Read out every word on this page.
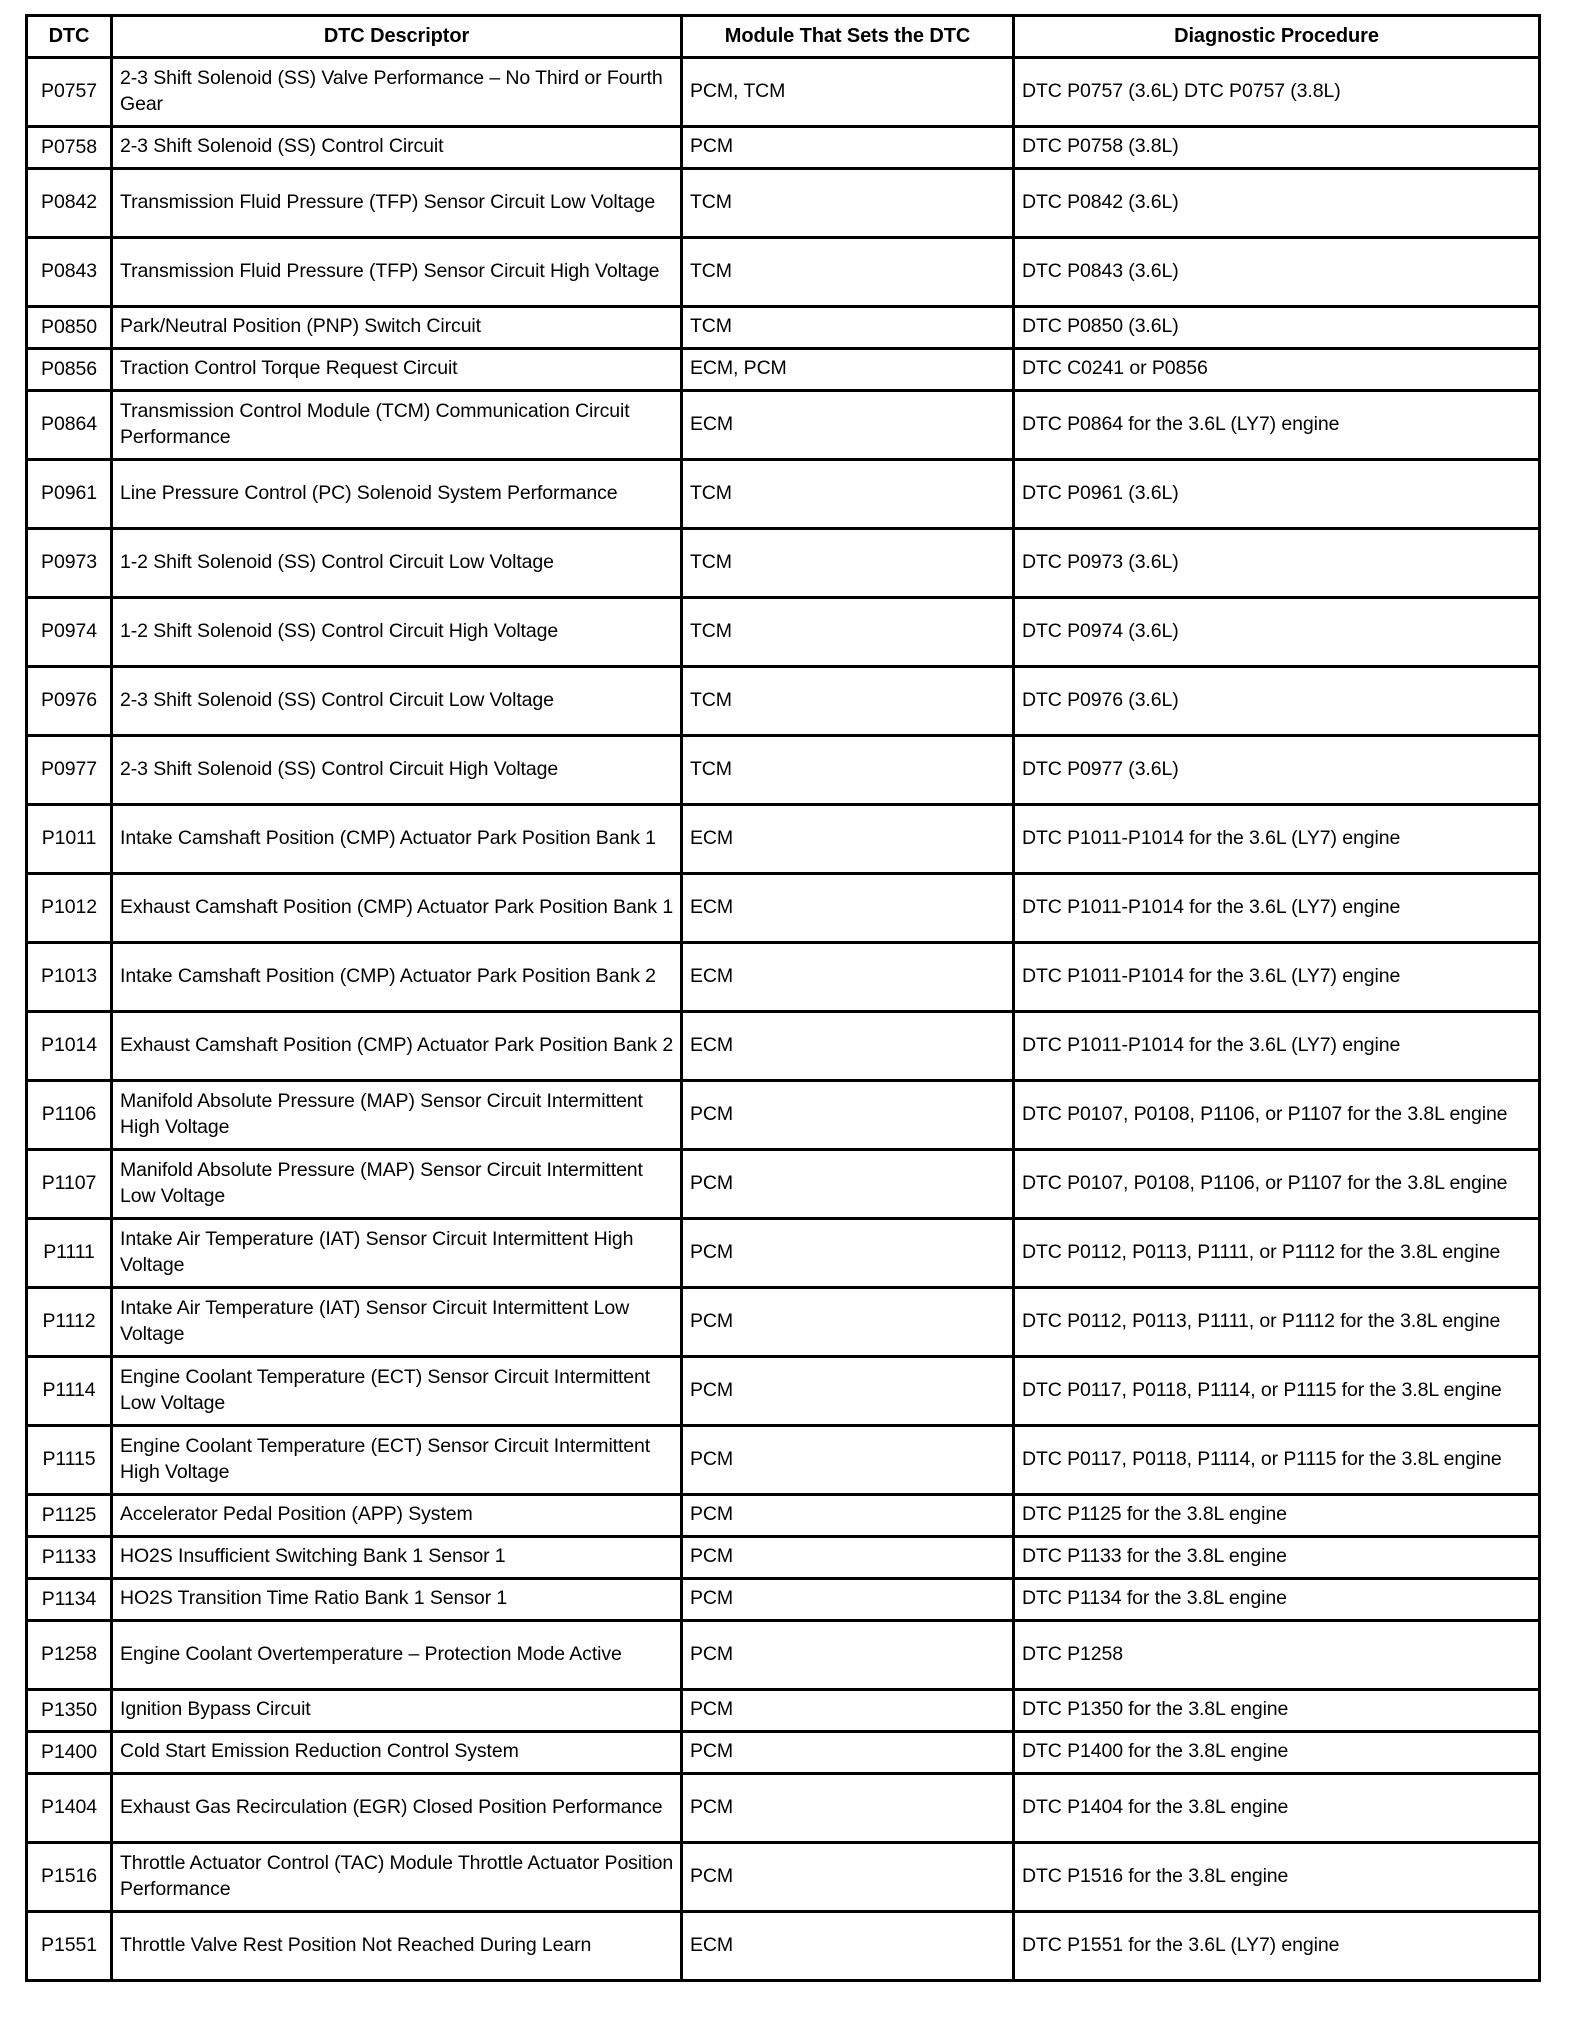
DTC	DTC Descriptor	Module That Sets the DTC	Diagnostic Procedure
P0757	2-3 Shift Solenoid (SS) Valve Performance – No Third or Fourth Gear	PCM, TCM	DTC P0757 (3.6L) DTC P0757 (3.8L)
P0758	2-3 Shift Solenoid (SS) Control Circuit	PCM	DTC P0758 (3.8L)
P0842	Transmission Fluid Pressure (TFP) Sensor Circuit Low Voltage	TCM	DTC P0842 (3.6L)
P0843	Transmission Fluid Pressure (TFP) Sensor Circuit High Voltage	TCM	DTC P0843 (3.6L)
P0850	Park/Neutral Position (PNP) Switch Circuit	TCM	DTC P0850 (3.6L)
P0856	Traction Control Torque Request Circuit	ECM, PCM	DTC C0241 or P0856
P0864	Transmission Control Module (TCM) Communication Circuit Performance	ECM	DTC P0864 for the 3.6L (LY7) engine
P0961	Line Pressure Control (PC) Solenoid System Performance	TCM	DTC P0961 (3.6L)
P0973	1-2 Shift Solenoid (SS) Control Circuit Low Voltage	TCM	DTC P0973 (3.6L)
P0974	1-2 Shift Solenoid (SS) Control Circuit High Voltage	TCM	DTC P0974 (3.6L)
P0976	2-3 Shift Solenoid (SS) Control Circuit Low Voltage	TCM	DTC P0976 (3.6L)
P0977	2-3 Shift Solenoid (SS) Control Circuit High Voltage	TCM	DTC P0977 (3.6L)
P1011	Intake Camshaft Position (CMP) Actuator Park Position Bank 1	ECM	DTC P1011-P1014 for the 3.6L (LY7) engine
P1012	Exhaust Camshaft Position (CMP) Actuator Park Position Bank 1	ECM	DTC P1011-P1014 for the 3.6L (LY7) engine
P1013	Intake Camshaft Position (CMP) Actuator Park Position Bank 2	ECM	DTC P1011-P1014 for the 3.6L (LY7) engine
P1014	Exhaust Camshaft Position (CMP) Actuator Park Position Bank 2	ECM	DTC P1011-P1014 for the 3.6L (LY7) engine
P1106	Manifold Absolute Pressure (MAP) Sensor Circuit Intermittent High Voltage	PCM	DTC P0107, P0108, P1106, or P1107 for the 3.8L engine
P1107	Manifold Absolute Pressure (MAP) Sensor Circuit Intermittent Low Voltage	PCM	DTC P0107, P0108, P1106, or P1107 for the 3.8L engine
P1111	Intake Air Temperature (IAT) Sensor Circuit Intermittent High Voltage	PCM	DTC P0112, P0113, P1111, or P1112 for the 3.8L engine
P1112	Intake Air Temperature (IAT) Sensor Circuit Intermittent Low Voltage	PCM	DTC P0112, P0113, P1111, or P1112 for the 3.8L engine
P1114	Engine Coolant Temperature (ECT) Sensor Circuit Intermittent Low Voltage	PCM	DTC P0117, P0118, P1114, or P1115 for the 3.8L engine
P1115	Engine Coolant Temperature (ECT) Sensor Circuit Intermittent High Voltage	PCM	DTC P0117, P0118, P1114, or P1115 for the 3.8L engine
P1125	Accelerator Pedal Position (APP) System	PCM	DTC P1125 for the 3.8L engine
P1133	HO2S Insufficient Switching Bank 1 Sensor 1	PCM	DTC P1133 for the 3.8L engine
P1134	HO2S Transition Time Ratio Bank 1 Sensor 1	PCM	DTC P1134 for the 3.8L engine
P1258	Engine Coolant Overtemperature – Protection Mode Active	PCM	DTC P1258
P1350	Ignition Bypass Circuit	PCM	DTC P1350 for the 3.8L engine
P1400	Cold Start Emission Reduction Control System	PCM	DTC P1400 for the 3.8L engine
P1404	Exhaust Gas Recirculation (EGR) Closed Position Performance	PCM	DTC P1404 for the 3.8L engine
P1516	Throttle Actuator Control (TAC) Module Throttle Actuator Position Performance	PCM	DTC P1516 for the 3.8L engine
P1551	Throttle Valve Rest Position Not Reached During Learn	ECM	DTC P1551 for the 3.6L (LY7) engine
